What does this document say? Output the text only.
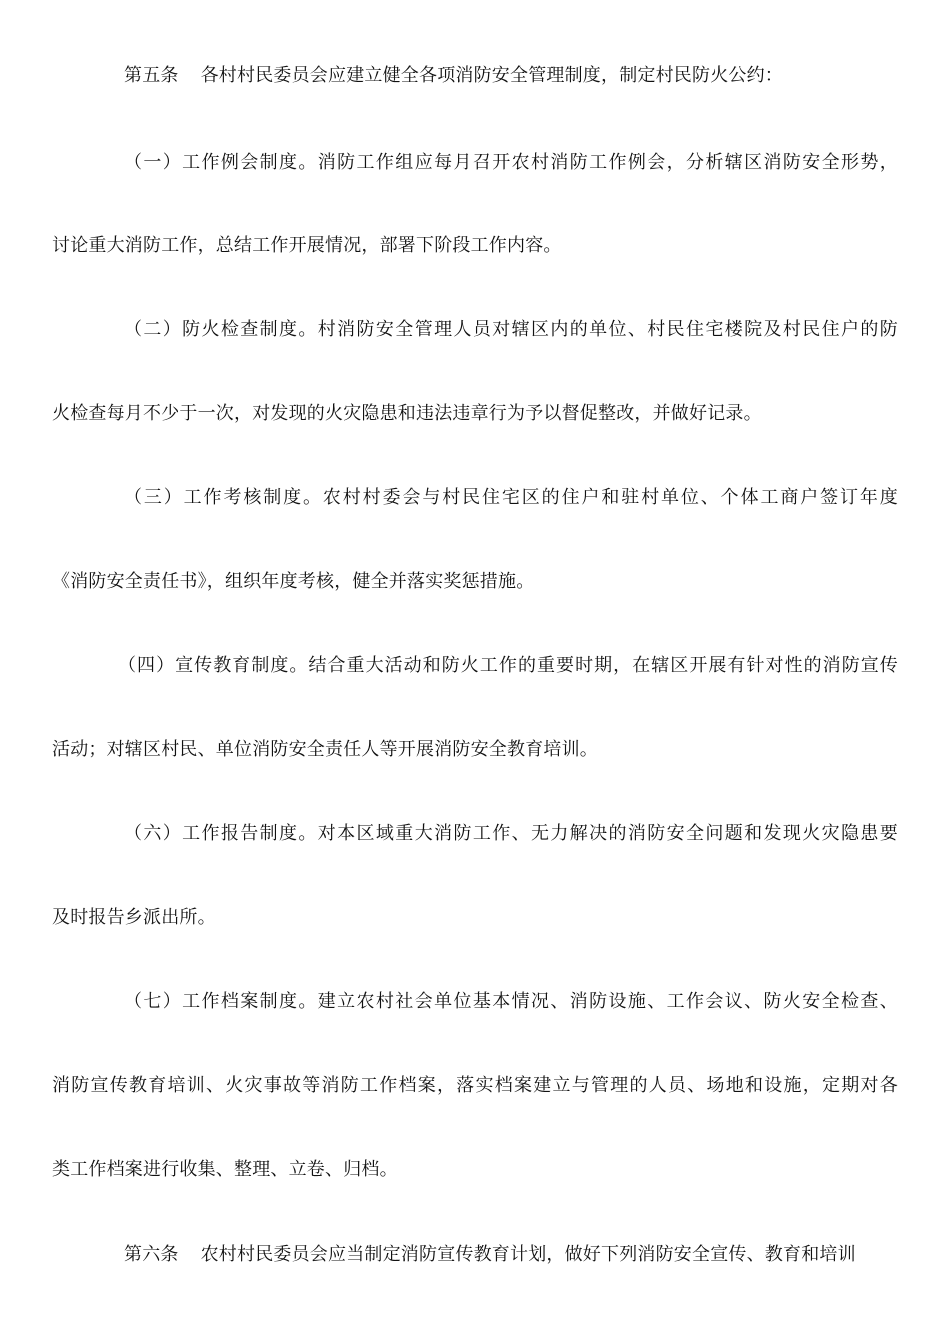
第五条 各村村民委员会应建立健全各项消防安全管理制度，制定村民防火公约：
（一）工作例会制度。消防工作组应每月召开农村消防工作例会，分析辖区消防安全形势，
讨论重大消防工作，总结工作开展情况，部署下阶段工作内容。
（二）防火检查制度。村消防安全管理人员对辖区内的单位、村民住宅楼院及村民住户的防
火检查每月不少于一次，对发现的火灾隐患和违法违章行为予以督促整改，并做好记录。
（三）工作考核制度。农村村委会与村民住宅区的住户和驻村单位、个体工商户签订年度
《消防安全责任书》，组织年度考核，健全并落实奖惩措施。
（四）宣传教育制度。结合重大活动和防火工作的重要时期，在辖区开展有针对性的消防宣传
活动；对辖区村民、单位消防安全责任人等开展消防安全教育培训。
（六）工作报告制度。对本区域重大消防工作、无力解决的消防安全问题和发现火灾隐患要
及时报告乡派出所。
（七）工作档案制度。建立农村社会单位基本情况、消防设施、工作会议、防火安全检查、
消防宣传教育培训、火灾事故等消防工作档案，落实档案建立与管理的人员、场地和设施，定期对各
类工作档案进行收集、整理、立卷、归档。
第六条 农村村民委员会应当制定消防宣传教育计划，做好下列消防安全宣传、教育和培训
